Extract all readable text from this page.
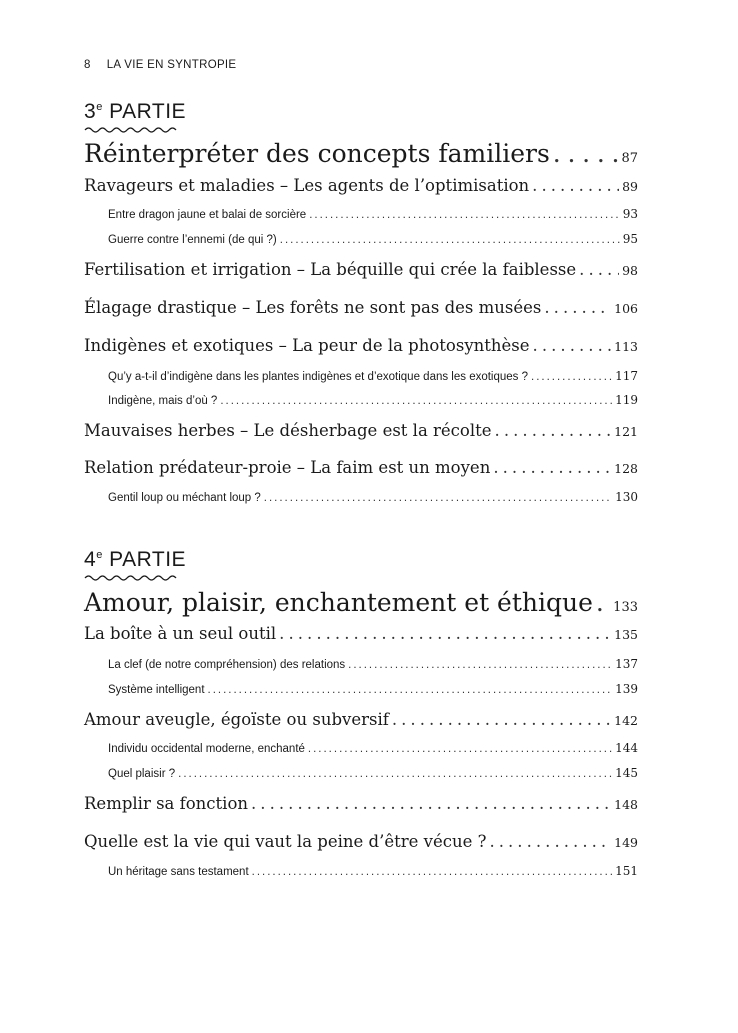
8 LA VIE EN SYNTROPIE
3e PARTIE
Réinterpréter des concepts familiers . . .	87
Ravageurs et maladies – Les agents de l’optimisation . . .	89
Entre dragon jaune et balai de sorcière . . .	93
Guerre contre l’ennemi (de qui ?) . . .	95
Fertilisation et irrigation – La béquille qui crée la faiblesse . . .	98
Élagage drastique – Les forêts ne sont pas des musées . . .	106
Indigènes et exotiques – La peur de la photosynthèse . . .	113
Qu’y a-t-il d’indigène dans les plantes indigènes et d’exotique dans les exotiques ? . . .	117
Indigène, mais d’où ? . . .	119
Mauvaises herbes – Le désherbage est la récolte . . .	121
Relation prédateur-proie – La faim est un moyen . . .	128
Gentil loup ou méchant loup ? . . .	130
4e PARTIE
Amour, plaisir, enchantement et éthique . . . 133
La boîte à un seul outil . . .	135
La clef (de notre compréhension) des relations . . .	137
Système intelligent . . .	139
Amour aveugle, égoïste ou subversif . . .	142
Individu occidental moderne, enchanté . . .	144
Quel plaisir ? . . .	145
Remplir sa fonction . . .	148
Quelle est la vie qui vaut la peine d’être vécue ? . . .	149
Un héritage sans testament . . .	151
